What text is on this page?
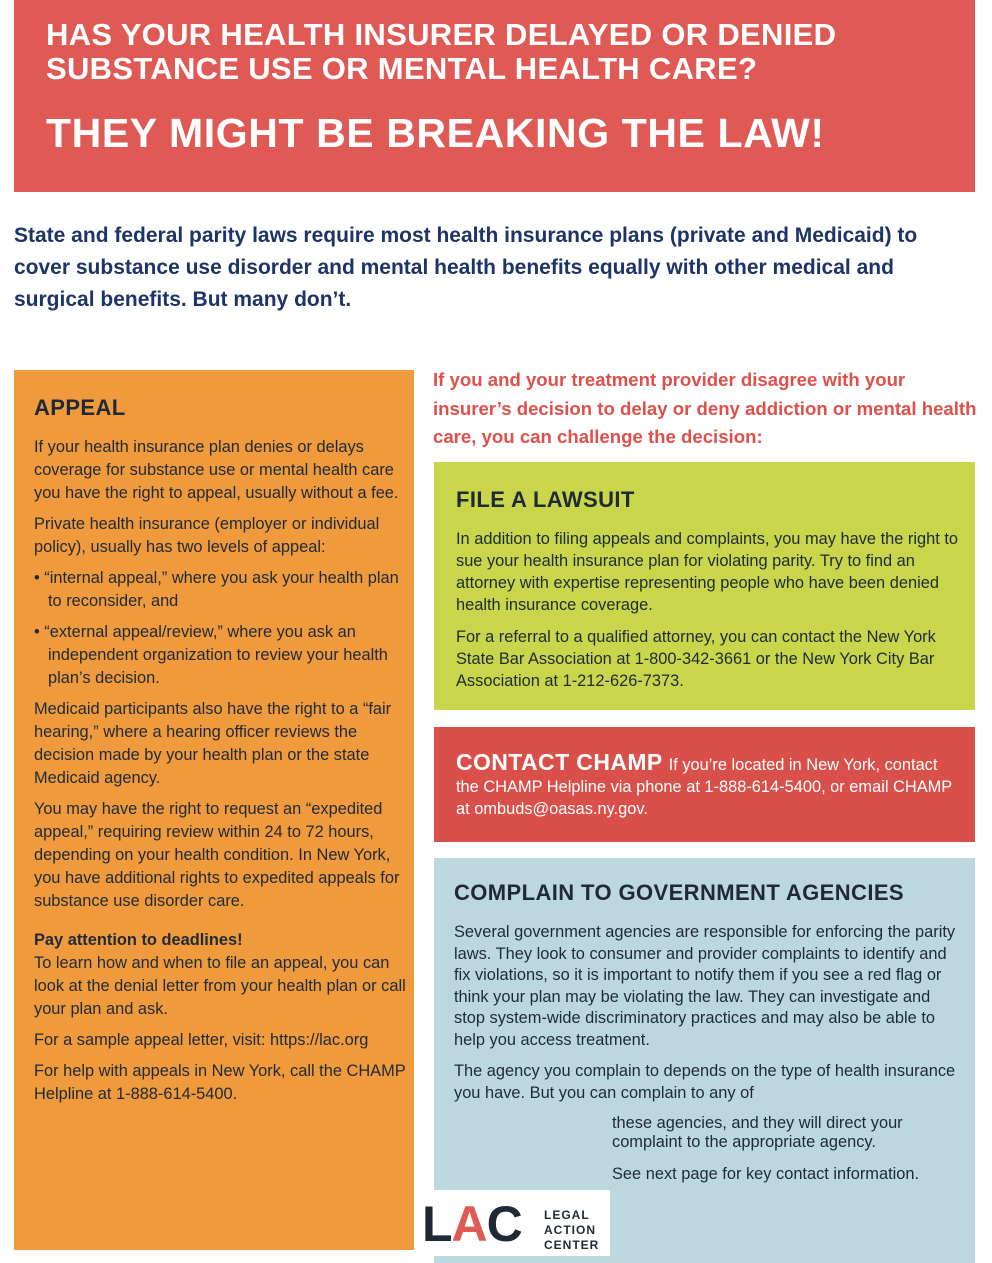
HAS YOUR HEALTH INSURER DELAYED OR DENIED SUBSTANCE USE OR MENTAL HEALTH CARE?
THEY MIGHT BE BREAKING THE LAW!
State and federal parity laws require most health insurance plans (private and Medicaid) to cover substance use disorder and mental health benefits equally with other medical and surgical benefits. But many don’t.
APPEAL

If your health insurance plan denies or delays coverage for substance use or mental health care you have the right to appeal, usually without a fee.

Private health insurance (employer or individual policy), usually has two levels of appeal:

• “internal appeal,” where you ask your health plan to reconsider, and

• “external appeal/review,” where you ask an independent organization to review your health plan’s decision.

Medicaid participants also have the right to a “fair hearing,” where a hearing officer reviews the decision made by your health plan or the state Medicaid agency.

You may have the right to request an “expedited appeal,” requiring review within 24 to 72 hours, depending on your health condition. In New York, you have additional rights to expedited appeals for substance use disorder care.

Pay attention to deadlines!

To learn how and when to file an appeal, you can look at the denial letter from your health plan or call your plan and ask.

For a sample appeal letter, visit: https://lac.org

For help with appeals in New York, call the CHAMP Helpline at 1-888-614-5400.

If you and your treatment provider disagree with your insurer’s decision to delay or deny addiction or mental health care, you can challenge the decision:
FILE A LAWSUIT

In addition to filing appeals and complaints, you may have the right to sue your health insurance plan for violating parity. Try to find an attorney with expertise representing people who have been denied health insurance coverage.

For a referral to a qualified attorney, you can contact the New York State Bar Association at 1-800-342-3661 or the New York City Bar Association at 1-212-626-7373.

CONTACT CHAMP If you’re located in New York, contact the CHAMP Helpline via phone at 1-888-614-5400, or email CHAMP at ombuds@oasas.ny.gov.
COMPLAIN TO GOVERNMENT AGENCIES

Several government agencies are responsible for enforcing the parity laws. They look to consumer and provider complaints to identify and fix violations, so it is important to notify them if you see a red flag or think your plan may be violating the law. They can investigate and stop system-wide discriminatory practices and may also be able to help you access treatment.

The agency you complain to depends on the type of health insurance you have. But you can complain to any of

these agencies, and they will direct your complaint to the appropriate agency.

See next page for key contact information.

LAC LEGAL
ACTION
CENTER
